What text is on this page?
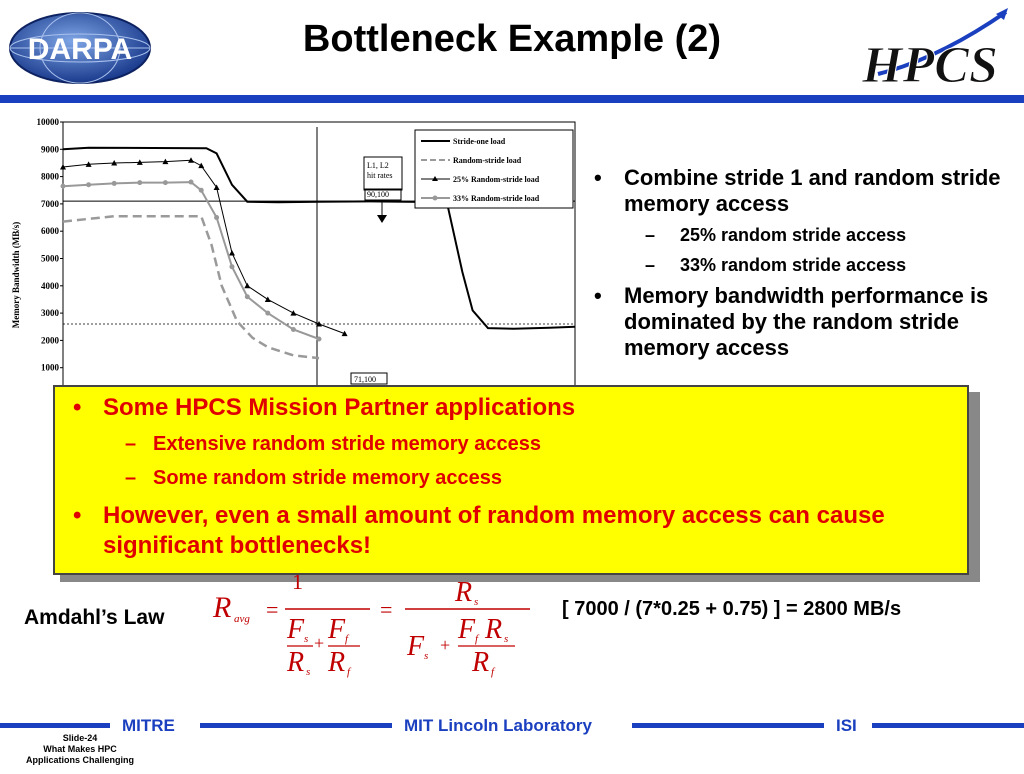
Bottleneck Example (2)
DARPA	HPCS
Memory Bandwidth (MB/s)
10000
9000
8000
7000
6000
5000
4000
3000
2000
1000
L1, L2
hit rates
90,100
71,100
Stride-one load
Random-stride load
25% Random-stride load
33% Random-stride load
• Combine stride 1 and random stride memory access
– 25% random stride access
– 33% random stride access
• Memory bandwidth performance is dominated by the random stride memory access
• Some HPCS Mission Partner applications
– Extensive random stride memory access
– Some random stride memory access
• However, even a small amount of random memory access can cause significant bottlenecks!
Amdahl’s Law
1
R avg =
F s
R s
+ F f
R f
=
R s
F s
+ F f R s
R f
[ 7000 / (7*0.25 + 0.75) ] = 2800 MB/s
MITRE	MIT Lincoln Laboratory	ISI
Slide-24
What Makes HPC
Applications Challenging
